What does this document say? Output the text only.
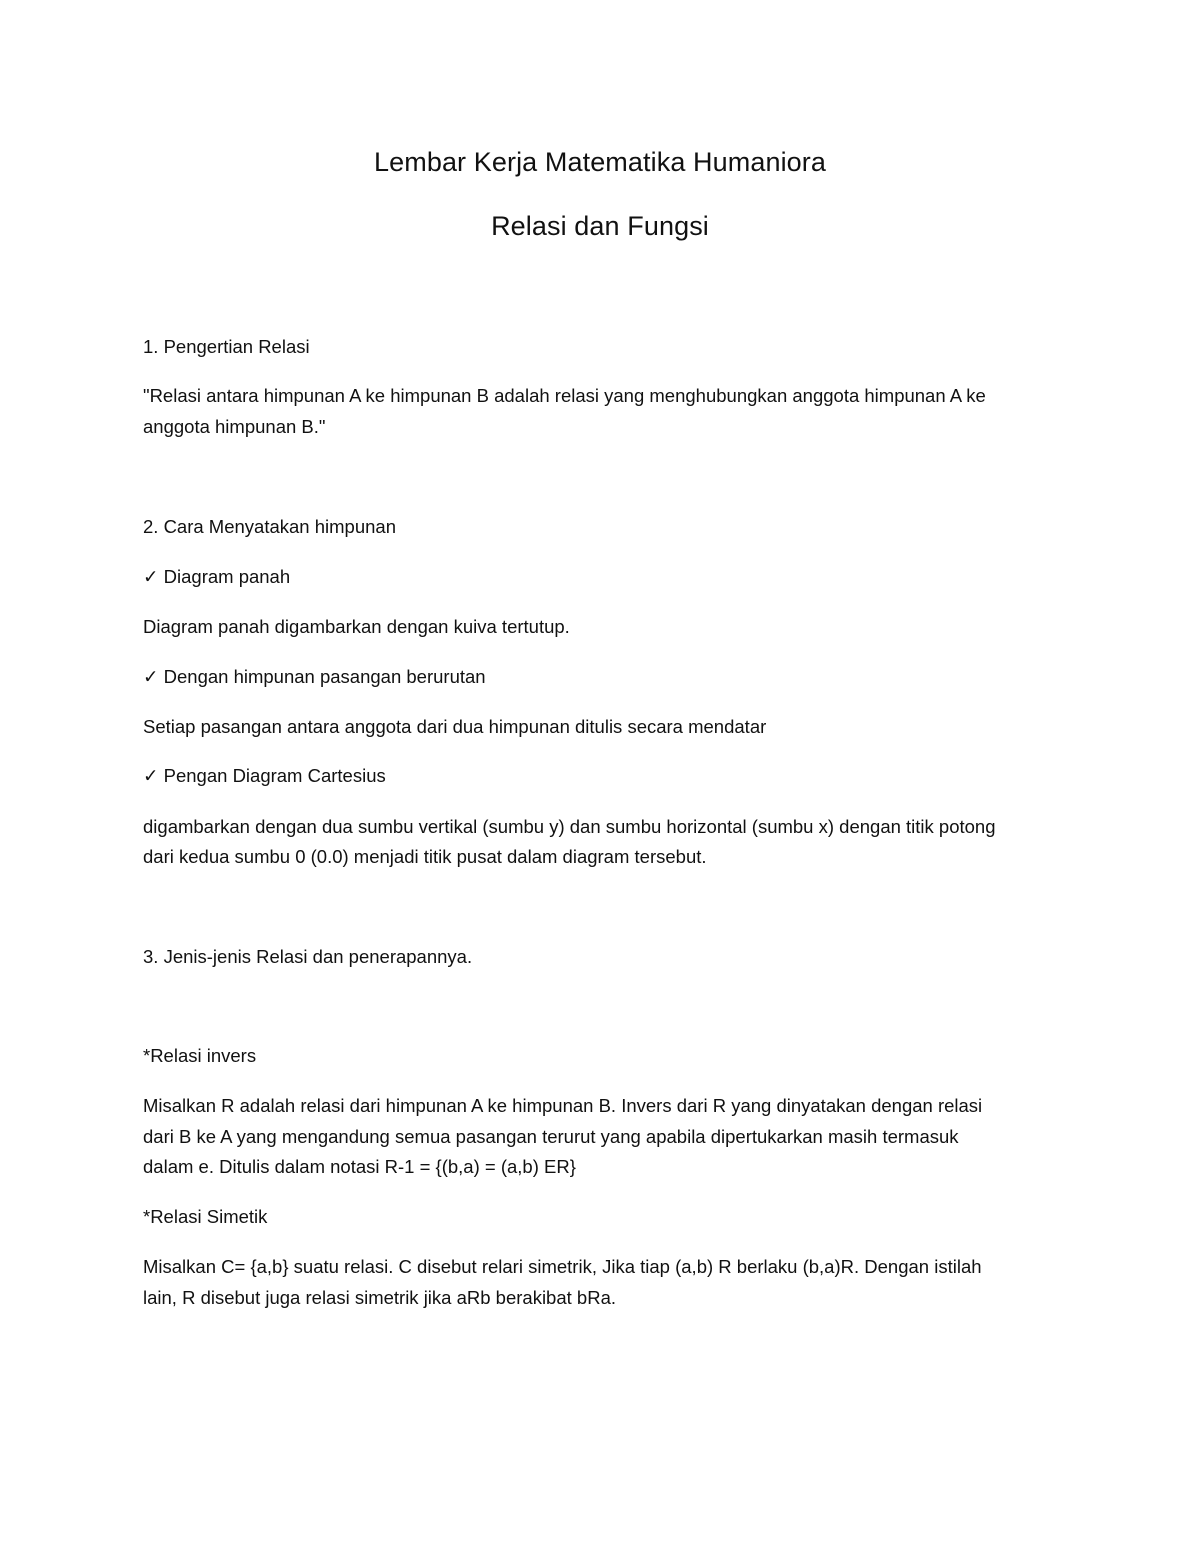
Lembar Kerja Matematika Humaniora
Relasi dan Fungsi

1. Pengertian Relasi

"Relasi antara himpunan A ke himpunan B adalah relasi yang menghubungkan anggota himpunan A ke

anggota himpunan B."

2. Cara Menyatakan himpunan

✓ Diagram panah

Diagram panah digambarkan dengan kuiva tertutup.

✓ Dengan himpunan pasangan berurutan

Setiap pasangan antara anggota dari dua himpunan ditulis secara mendatar

✓ Pengan Diagram Cartesius

digambarkan dengan dua sumbu vertikal (sumbu y) dan sumbu horizontal (sumbu x) dengan titik potong

dari kedua sumbu 0 (0.0) menjadi titik pusat dalam diagram tersebut.

3. Jenis-jenis Relasi dan penerapannya.

*Relasi invers

Misalkan R adalah relasi dari himpunan A ke himpunan B. Invers dari R yang dinyatakan dengan relasi

dari B ke A yang mengandung semua pasangan terurut yang apabila dipertukarkan masih termasuk

dalam e. Ditulis dalam notasi R-1 = {(b,a) = (a,b) ER}

*Relasi Simetik

Misalkan C= {a,b} suatu relasi. C disebut relari simetrik, Jika tiap (a,b) R berlaku (b,a)R. Dengan istilah

lain, R disebut juga relasi simetrik jika aRb berakibat bRa.
